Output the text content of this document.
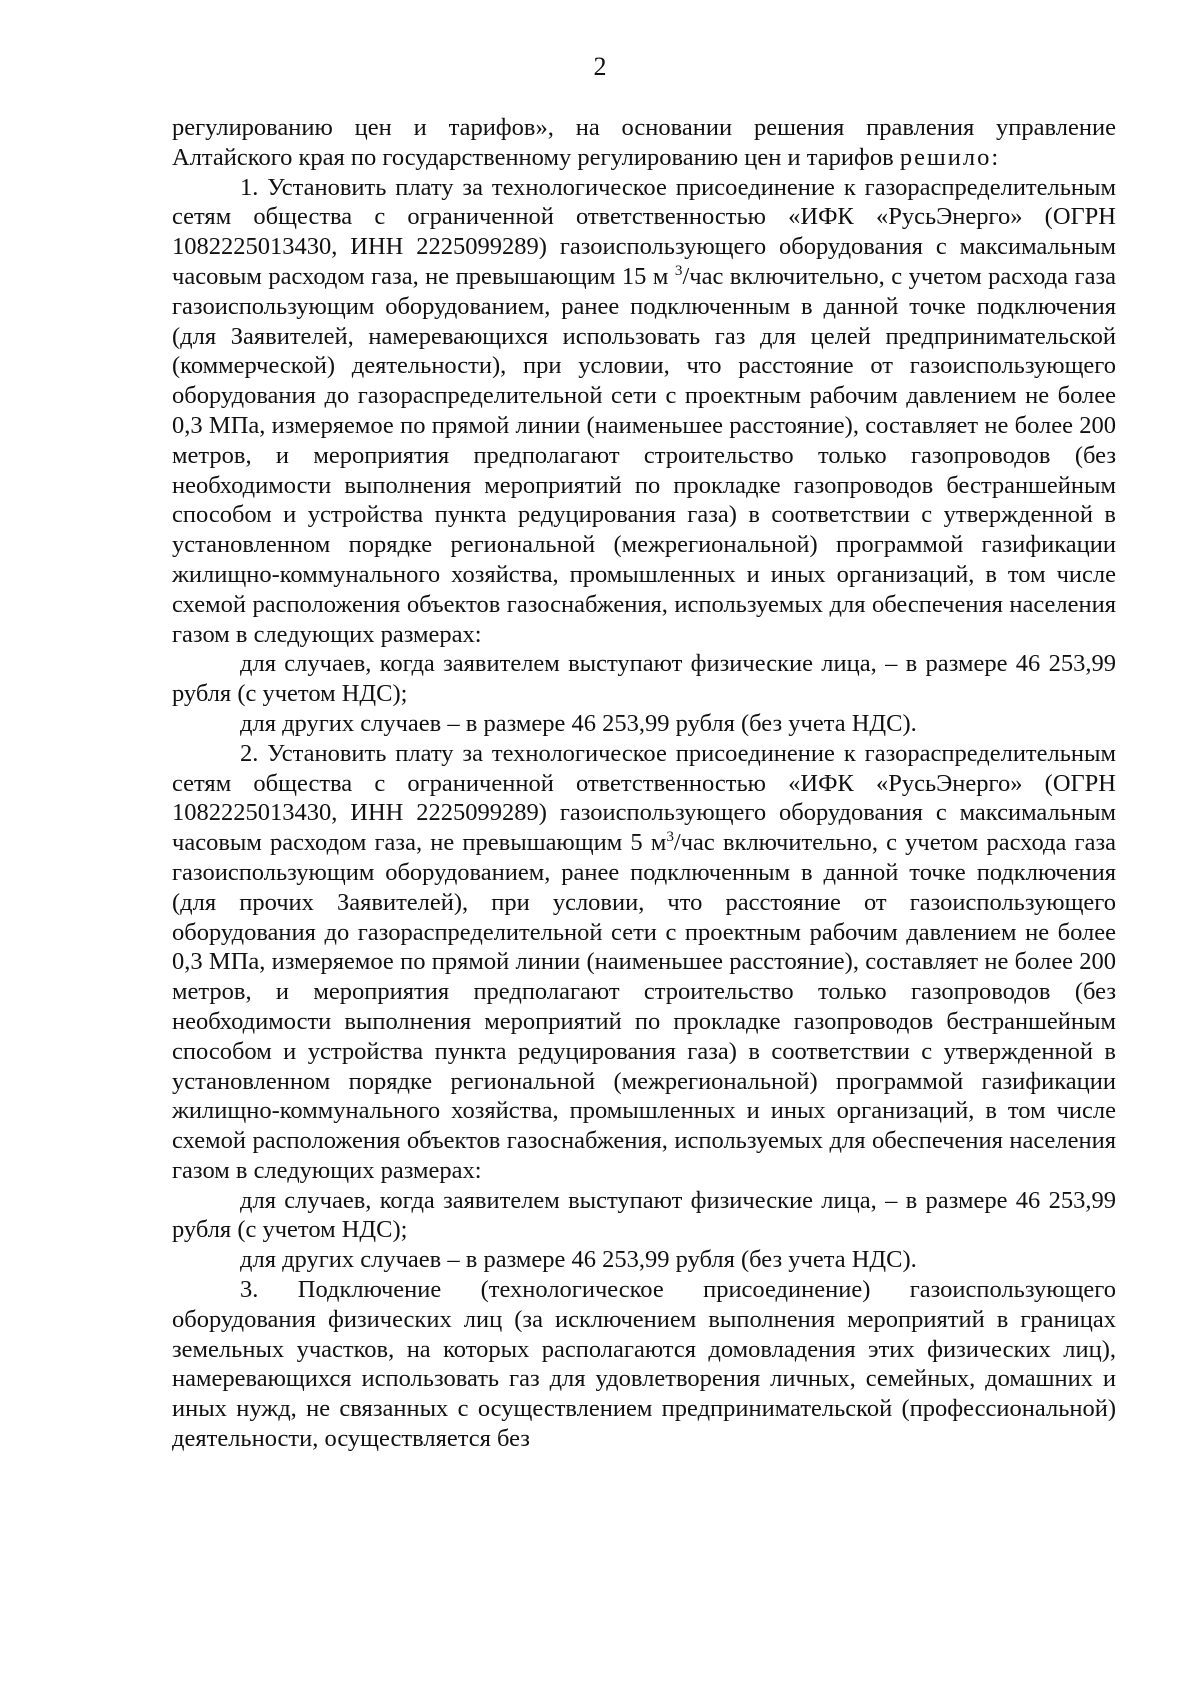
2

регулированию цен и тарифов», на основании решения правления управление Алтайского края по государственному регулированию цен и тарифов решило:

1. Установить плату за технологическое присоединение к газораспределительным сетям общества с ограниченной ответственностью «ИФК «РусьЭнерго» (ОГРН 1082225013430, ИНН 2225099289) газоиспользующего оборудования с максимальным часовым расходом газа, не превышающим 15 м $^3$/час включительно, с учетом расхода газа газоиспользующим оборудованием, ранее подключенным в данной точке подключения (для Заявителей, намеревающихся использовать газ для целей предпринимательской (коммерческой) деятельности), при условии, что расстояние от газоиспользующего оборудования до газораспределительной сети с проектным рабочим давлением не более 0,3 МПа, измеряемое по прямой линии (наименьшее расстояние), составляет не более 200 метров, и мероприятия предполагают строительство только газопроводов (без необходимости выполнения мероприятий по прокладке газопроводов бестраншейным способом и устройства пункта редуцирования газа) в соответствии с утвержденной в установленном порядке региональной (межрегиональной) программой газификации жилищно-коммунального хозяйства, промышленных и иных организаций, в том числе схемой расположения объектов газоснабжения, используемых для обеспечения населения газом в следующих размерах:

для случаев, когда заявителем выступают физические лица, – в размере 46 253,99 рубля (с учетом НДС);

для других случаев – в размере 46 253,99 рубля (без учета НДС).

2. Установить плату за технологическое присоединение к газораспределительным сетям общества с ограниченной ответственностью «ИФК «РусьЭнерго» (ОГРН 1082225013430, ИНН 2225099289) газоиспользующего оборудования с максимальным часовым расходом газа, не превышающим 5 $м^3$/час включительно, с учетом расхода газа газоиспользующим оборудованием, ранее подключенным в данной точке подключения (для прочих Заявителей), при условии, что расстояние от газоиспользующего оборудования до газораспределительной сети с проектным рабочим давлением не более 0,3 МПа, измеряемое по прямой линии (наименьшее расстояние), составляет не более 200 метров, и мероприятия предполагают строительство только газопроводов (без необходимости выполнения мероприятий по прокладке газопроводов бестраншейным способом и устройства пункта редуцирования газа) в соответствии с утвержденной в установленном порядке региональной (межрегиональной) программой газификации жилищно-коммунального хозяйства, промышленных и иных организаций, в том числе схемой расположения объектов газоснабжения, используемых для обеспечения населения газом в следующих размерах:

для случаев, когда заявителем выступают физические лица, – в размере 46 253,99 рубля (с учетом НДС);

для других случаев – в размере 46 253,99 рубля (без учета НДС).

3. Подключение (технологическое присоединение) газоиспользующего оборудования физических лиц (за исключением выполнения мероприятий в границах земельных участков, на которых располагаются домовладения этих физических лиц), намеревающихся использовать газ для удовлетворения личных, семейных, домашних и иных нужд, не связанных с осуществлением предпринимательской (профессиональной) деятельности, осуществляется без
